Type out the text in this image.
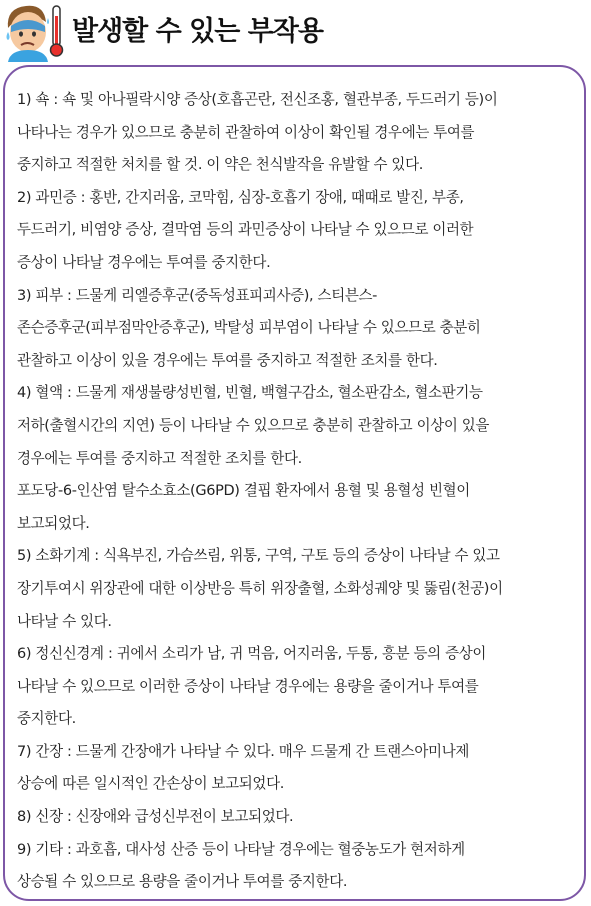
발생할 수 있는 부작용
1) 쇽 : 쇽 및 아나필락시양 증상(호흡곤란, 전신조홍, 혈관부종, 두드러기 등)이
나타나는 경우가 있으므로 충분히 관찰하여 이상이 확인될 경우에는 투여를
중지하고 적절한 처치를 할 것. 이 약은 천식발작을 유발할 수 있다.
2) 과민증 : 홍반, 간지러움, 코막힘, 심장-호흡기 장애, 때때로 발진, 부종,
두드러기, 비염양 증상, 결막염 등의 과민증상이 나타날 수 있으므로 이러한
증상이 나타날 경우에는 투여를 중지한다.
3) 피부 : 드물게 리엘증후군(중독성표피괴사증), 스티븐스-
존슨증후군(피부점막안증후군), 박탈성 피부염이 나타날 수 있으므로 충분히
관찰하고 이상이 있을 경우에는 투여를 중지하고 적절한 조치를 한다.
4) 혈액 : 드물게 재생불량성빈혈, 빈혈, 백혈구감소, 혈소판감소, 혈소판기능
저하(출혈시간의 지연) 등이 나타날 수 있으므로 충분히 관찰하고 이상이 있을
경우에는 투여를 중지하고 적절한 조치를 한다.
포도당-6-인산염 탈수소효소(G6PD) 결핍 환자에서 용혈 및 용혈성 빈혈이
보고되었다.
5) 소화기계 : 식욕부진, 가슴쓰림, 위통, 구역, 구토 등의 증상이 나타날 수 있고
장기투여시 위장관에 대한 이상반응 특히 위장출혈, 소화성궤양 및 뚫림(천공)이
나타날 수 있다.
6) 정신신경계 : 귀에서 소리가 남, 귀 먹음, 어지러움, 두통, 흥분 등의 증상이
나타날 수 있으므로 이러한 증상이 나타날 경우에는 용량을 줄이거나 투여를
중지한다.
7) 간장 : 드물게 간장애가 나타날 수 있다. 매우 드물게 간 트랜스아미나제
상승에 따른 일시적인 간손상이 보고되었다.
8) 신장 : 신장애와 급성신부전이 보고되었다.
9) 기타 : 과호흡, 대사성 산증 등이 나타날 경우에는 혈중농도가 현저하게
상승될 수 있으므로 용량을 줄이거나 투여를 중지한다.
